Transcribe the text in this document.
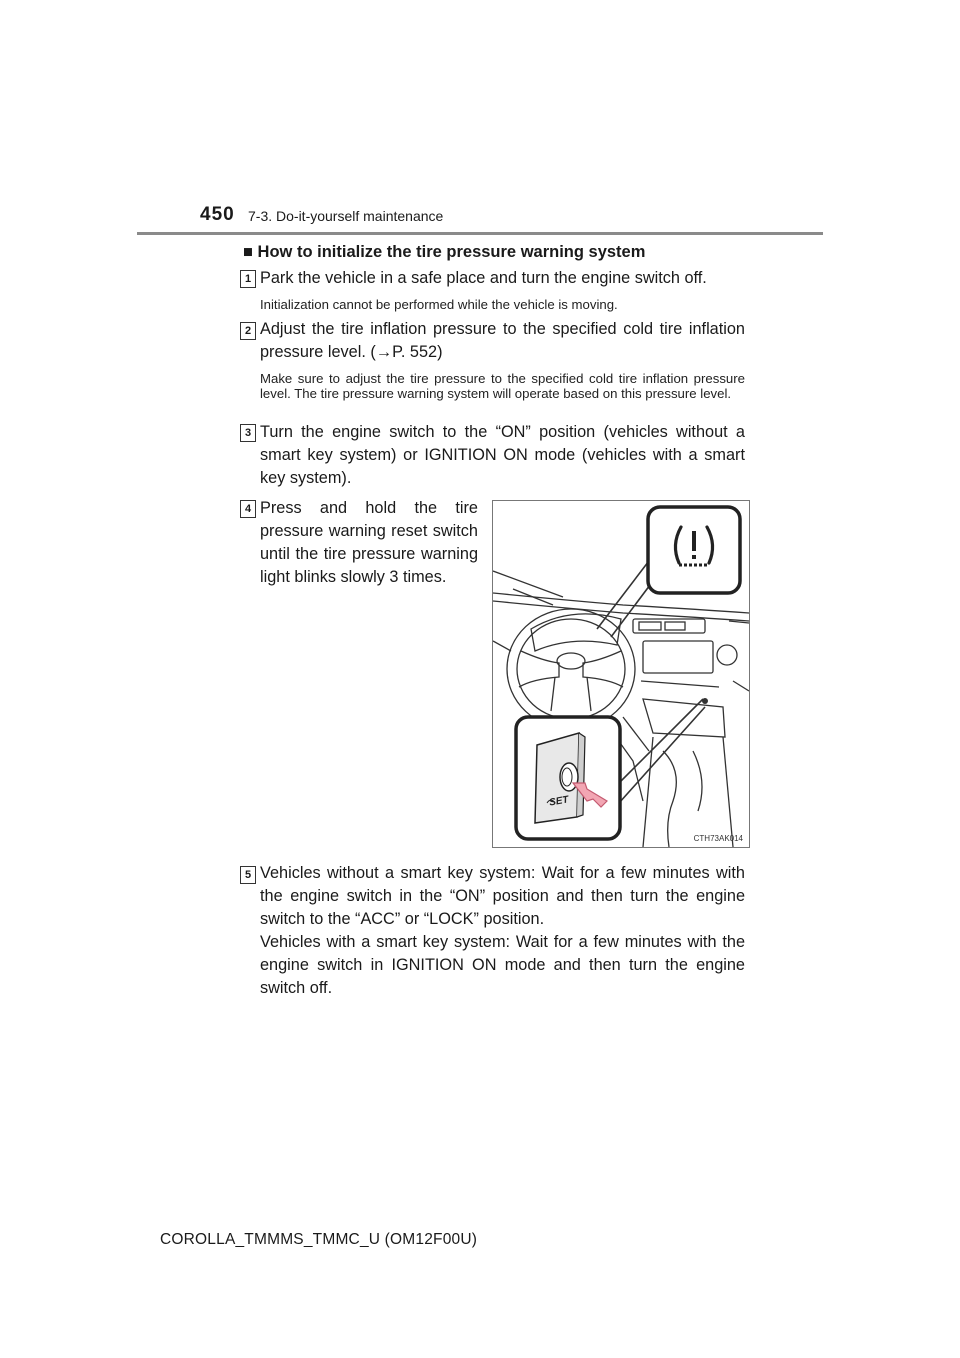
450 7-3. Do-it-yourself maintenance
■ How to initialize the tire pressure warning system
1 Park the vehicle in a safe place and turn the engine switch off.
Initialization cannot be performed while the vehicle is moving.
2 Adjust the tire inflation pressure to the specified cold tire inflation pressure level. (→P. 552)
Make sure to adjust the tire pressure to the specified cold tire inflation pressure level. The tire pressure warning system will operate based on this pressure level.
3 Turn the engine switch to the “ON” position (vehicles without a smart key system) or IGNITION ON mode (vehicles with a smart key system).
4 Press and hold the tire pressure warning reset switch until the tire pressure warning light blinks slowly 3 times.
SET
CTH73AK014
5 Vehicles without a smart key system: Wait for a few minutes with the engine switch in the “ON” position and then turn the engine switch to the “ACC” or “LOCK” position.
Vehicles with a smart key system: Wait for a few minutes with the engine switch in IGNITION ON mode and then turn the engine switch off.
COROLLA_TMMMS_TMMC_U (OM12F00U)
